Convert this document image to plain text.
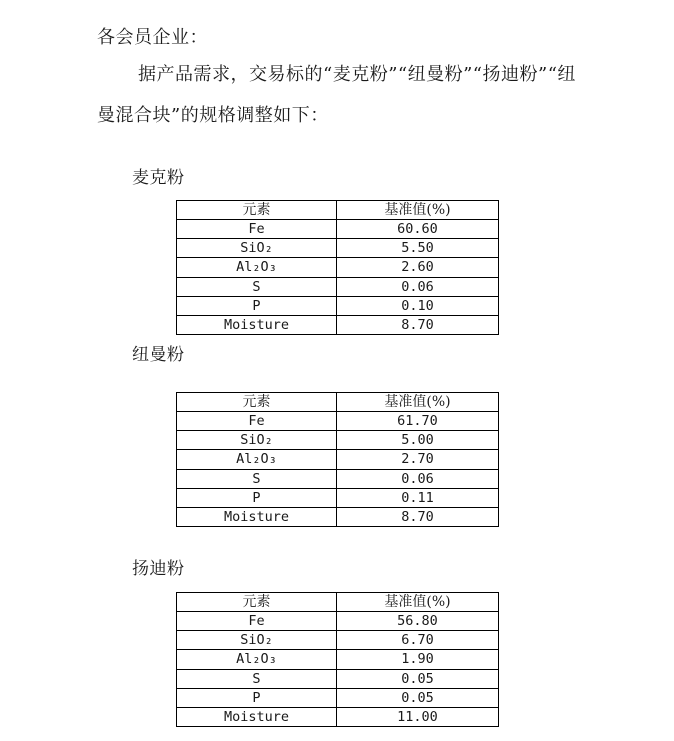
各会员企业：

据产品需求，交易标的“麦克粉”“纽曼粉”“扬迪粉”“纽

曼混合块”的规格调整如下：

麦克粉
元素	基准值(%)
Fe	60.60
SiO₂	5.50
Al₂O₃	2.60
S	0.06
P	0.10
Moisture	8.70
纽曼粉
元素	基准值(%)
Fe	61.70
SiO₂	5.00
Al₂O₃	2.70
S	0.06
P	0.11
Moisture	8.70
扬迪粉
元素	基准值(%)
Fe	56.80
SiO₂	6.70
Al₂O₃	1.90
S	0.05
P	0.05
Moisture	11.00
